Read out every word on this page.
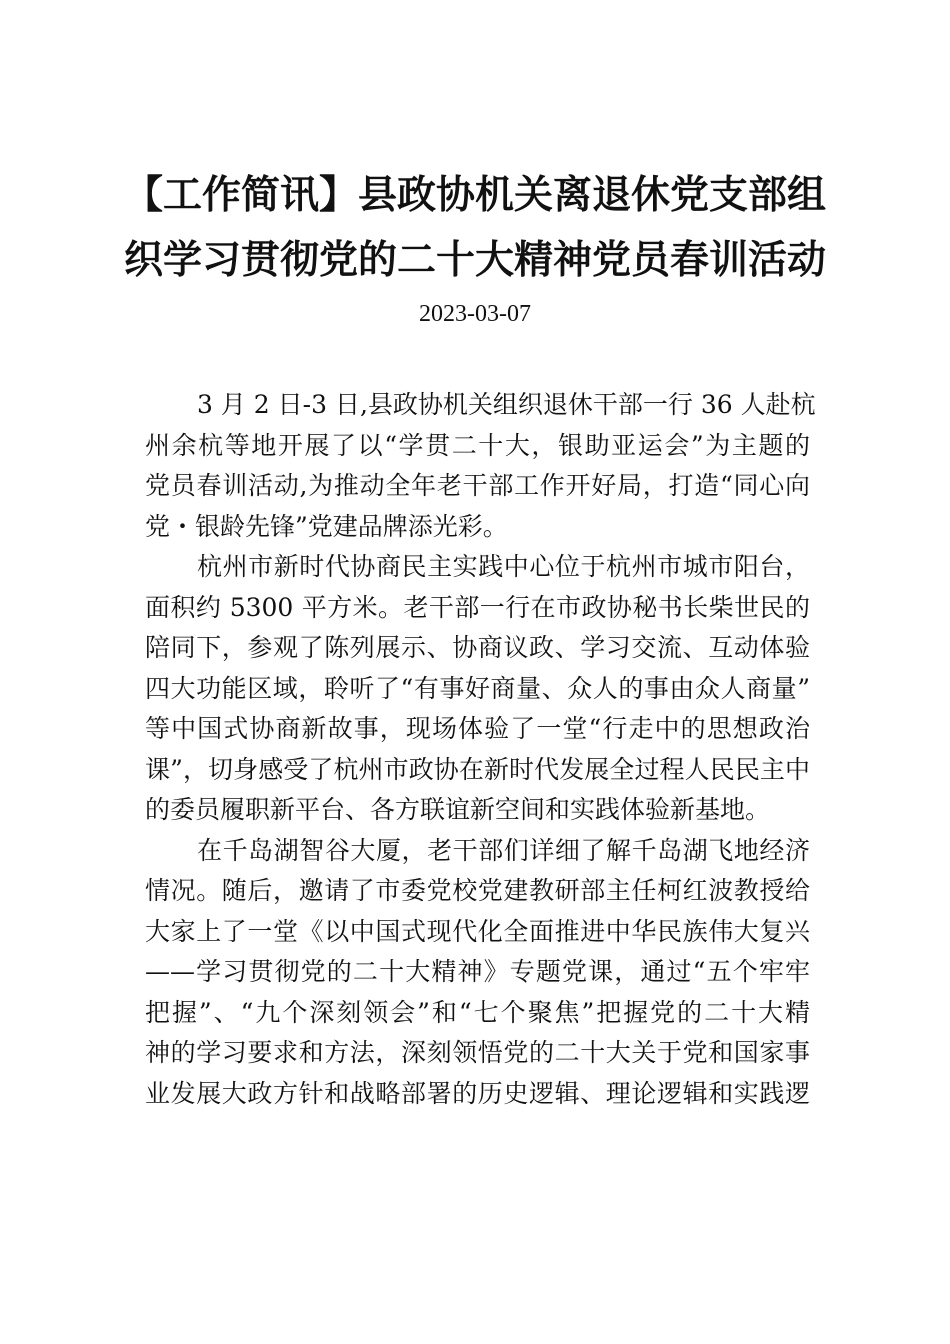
【工作简讯】县政协机关离退休党支部组
织学习贯彻党的二十大精神党员春训活动
2023-03-07
3 月 2 日-3 日,县政协机关组织退休干部一行 36 人赴杭
州余杭等地开展了以“学贯二十大，银助亚运会”为主题的
党员春训活动,为推动全年老干部工作开好局，打造“同心向
党・银龄先锋”党建品牌添光彩。
杭州市新时代协商民主实践中心位于杭州市城市阳台，
面积约 5300 平方米。老干部一行在市政协秘书长柴世民的
陪同下，参观了陈列展示、协商议政、学习交流、互动体验
四大功能区域，聆听了“有事好商量、众人的事由众人商量”
等中国式协商新故事，现场体验了一堂“行走中的思想政治
课”，切身感受了杭州市政协在新时代发展全过程人民民主中
的委员履职新平台、各方联谊新空间和实践体验新基地。
在千岛湖智谷大厦，老干部们详细了解千岛湖飞地经济
情况。随后，邀请了市委党校党建教研部主任柯红波教授给
大家上了一堂《以中国式现代化全面推进中华民族伟大复兴
——学习贯彻党的二十大精神》专题党课，通过“五个牢牢
把握”、“九个深刻领会”和“七个聚焦”把握党的二十大精
神的学习要求和方法，深刻领悟党的二十大关于党和国家事
业发展大政方针和战略部署的历史逻辑、理论逻辑和实践逻
